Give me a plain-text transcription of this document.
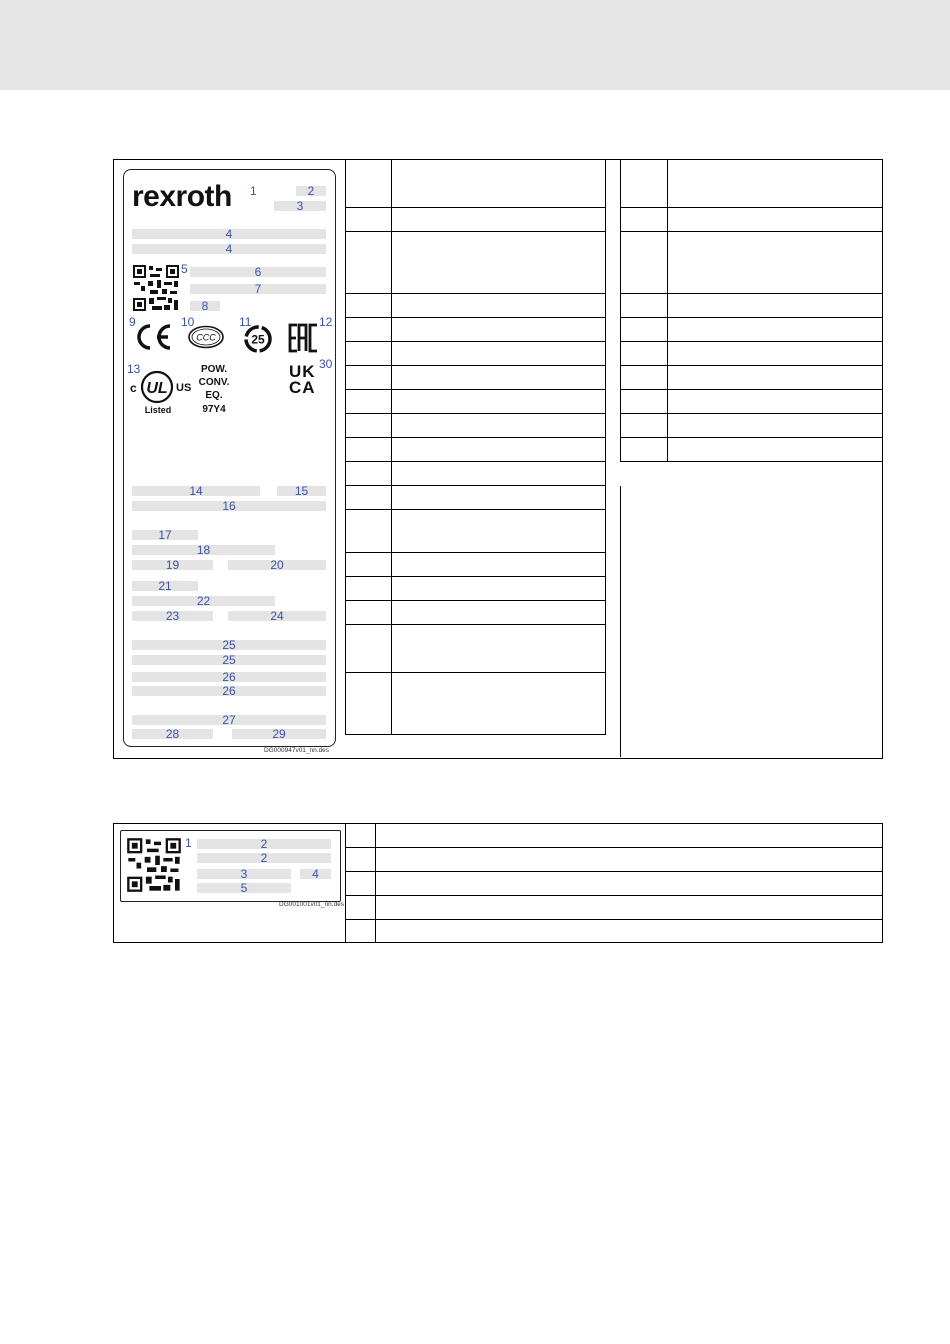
rexroth 1	2
3
4
4
5	6
7
8
9	10
CCC
11
25
12
13
c UL US
Listed
POW.
CONV.
EQ.
97Y4
30
UK
CA
14	15
16
17
18
19	20
21
22
23	24
25
25
26
26
27
28	29
DG000947v01_nn.des

1	2
2
3	4
5
DG001001v01_nn.des
